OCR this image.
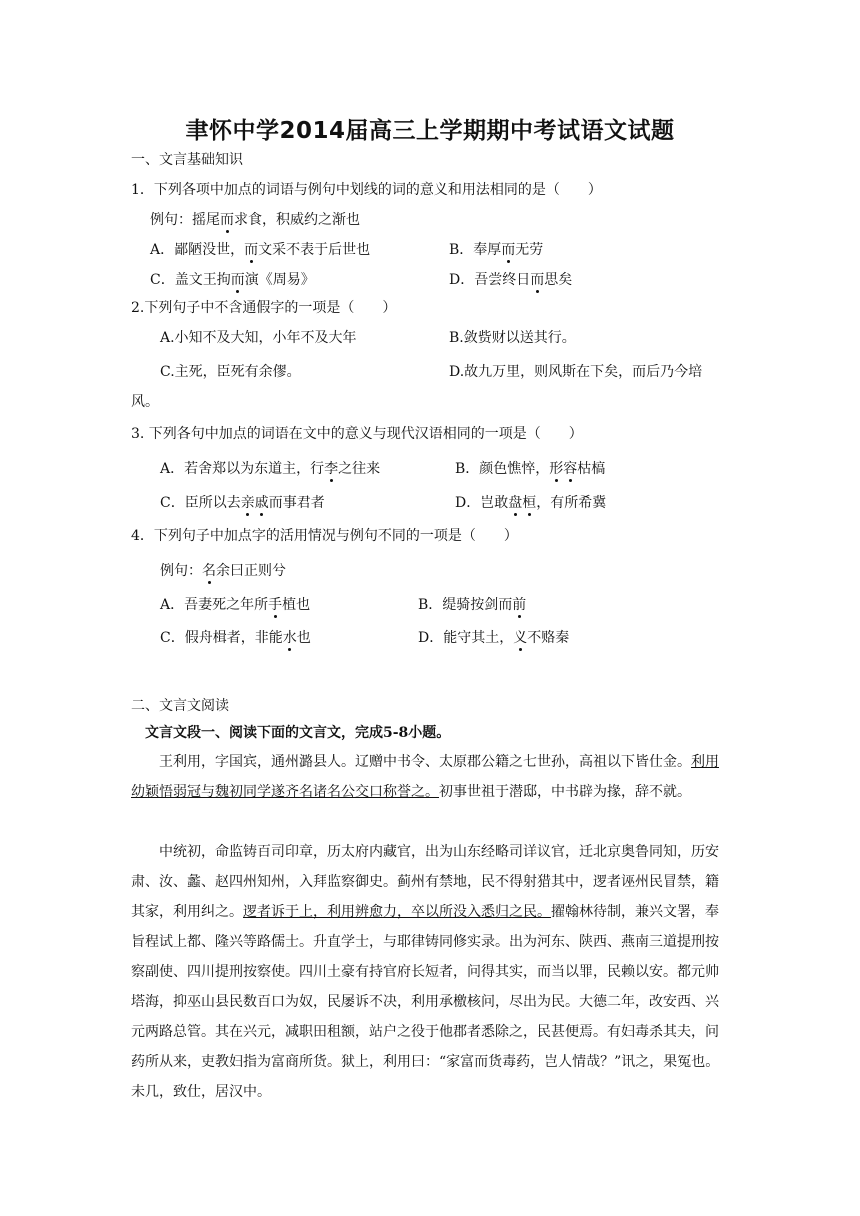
聿怀中学2014届高三上学期期中考试语文试题
一、文言基础知识
1．下列各项中加点的词语与例句中划线的词的意义和用法相同的是（　　）
例句：摇尾而求食，积威约之渐也
A．鄙陋没世，而文采不表于后世也	B．奉厚而无劳
C．盖文王拘而演《周易》	D．吾尝终日而思矣
2.下列句子中不含通假字的一项是（　　）
A.小知不及大知，小年不及大年	B.敛赀财以送其行。
C.主死，臣死有余僇。	D.故九万里，则风斯在下矣，而后乃今培
风。
3. 下列各句中加点的词语在文中的意义与现代汉语相同的一项是（　　）
A．若舍郑以为东道主，行李之往来	B．颜色憔悴，形容枯槁
C．臣所以去亲戚而事君者	D．岂敢盘桓，有所希冀
4．下列句子中加点字的活用情况与例句不同的一项是（　　）
例句：名余曰正则兮
A．吾妻死之年所手植也	B．缇骑按剑而前
C．假舟楫者，非能水也	D．能守其土，义不赂秦
二、文言文阅读
文言文段一、阅读下面的文言文，完成5-8小题。
王利用，字国宾，通州潞县人。辽赠中书令、太原郡公籍之七世孙，高祖以下皆仕金。利用幼颖悟弱冠与魏初同学遂齐名诸名公交口称誉之。初事世祖于潜邸，中书辟为掾，辞不就。
中统初，命监铸百司印章，历太府内藏官，出为山东经略司详议官，迁北京奥鲁同知，历安肃、汝、蠡、赵四州知州，入拜监察御史。蓟州有禁地，民不得射猎其中，逻者诬州民冒禁，籍其家，利用纠之。逻者诉于上，利用辨愈力，卒以所没入悉归之民。擢翰林待制，兼兴文署，奉旨程试上都、隆兴等路儒士。升直学士，与耶律铸同修实录。出为河东、陕西、燕南三道提刑按察副使、四川提刑按察使。四川土豪有持官府长短者，问得其实，而当以罪，民赖以安。都元帅塔海，抑巫山县民数百口为奴，民屡诉不决，利用承檄核问，尽出为民。大德二年，改安西、兴元两路总管。其在兴元，减职田租额，站户之役于他郡者悉除之，民甚便焉。有妇毒杀其夫，问药所从来，吏教妇指为富商所货。狱上，利用曰：“家富而货毒药，岂人情哉？”讯之，果冤也。未几，致仕，居汉中。
